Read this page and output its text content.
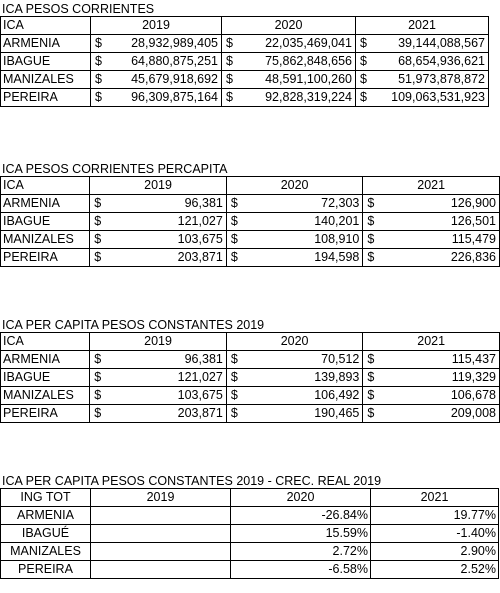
ICA PESOS CORRIENTES
ICA	2019	2020	2021
ARMENIA	$ 28,932,989,405	$ 22,035,469,041	$ 39,144,088,567

IBAGUE	$ 64,880,875,251	$ 75,862,848,656	$ 68,654,936,621

MANIZALES	$ 45,679,918,692	$ 48,591,100,260	$ 51,973,878,872

PEREIRA	$ 96,309,875,164	$ 92,828,319,224	$ 109,063,531,923
ICA PESOS CORRIENTES PERCAPITA
ICA	2019		2020		2021	
ARMENIA	$	96,381	$	72,303	$	126,900
IBAGUE	$	121,027	$	140,201	$	126,501
MANIZALES	$	103,675	$	108,910	$	115,479
PEREIRA	$	203,871	$	194,598	$	226,836
ICA PER CAPITA PESOS CONSTANTES 2019
ICA	2019		2020		2021	
ARMENIA	$	96,381	$	70,512	$	115,437
IBAGUE	$	121,027	$	139,893	$	119,329
MANIZALES	$	103,675	$	106,492	$	106,678
PEREIRA	$	203,871	$	190,465	$	209,008
ICA PER CAPITA PESOS CONSTANTES 2019 - CREC. REAL 2019
ING TOT	2019	2020	2021
ARMENIA		-26.84%	19.77%
IBAGUÉ		15.59%	-1.40%
MANIZALES		2.72%	2.90%
PEREIRA		-6.58%	2.52%
